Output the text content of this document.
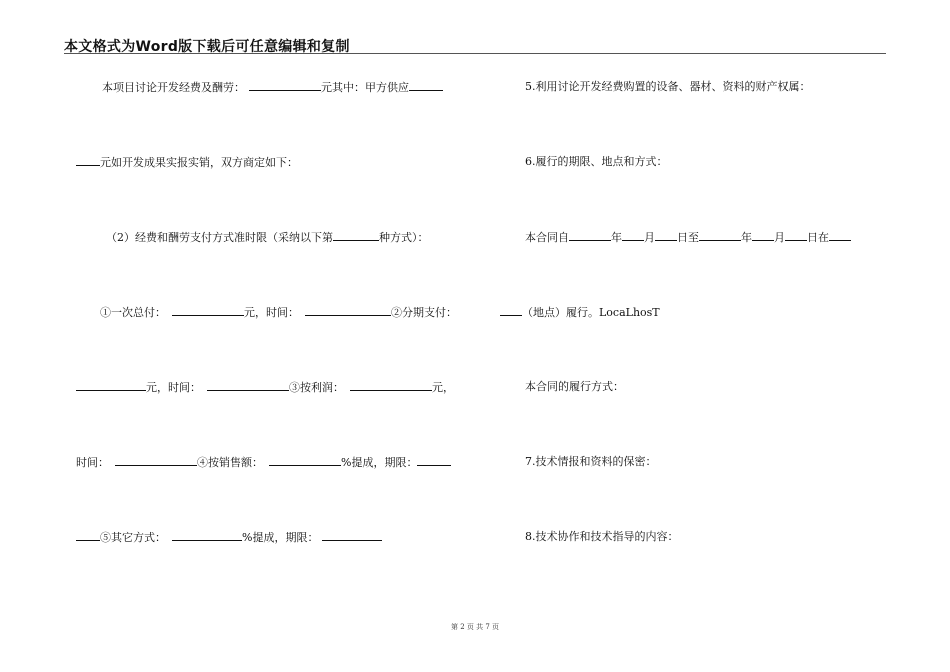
本文格式为Word版下载后可任意编辑和复制
本项目讨论开发经费及酬劳：	元其中：甲方供应
元如开发成果实报实销，双方商定如下：
（2）经费和酬劳支付方式准时限（采纳以下第	种方式）：
①一次总付：	元，时间：	②分期支付：
元，时间：	③按利润：	元，
时间：	④按销售额：	%提成，期限：
⑤其它方式：	%提成，期限：
5.利用讨论开发经费购置的设备、器材、资料的财产权属：
6.履行的期限、地点和方式：
本合同自	年 月 日至	年 月 日在
（地点）履行。LocaLhosT
本合同的履行方式：
7.技术情报和资料的保密：
8.技术协作和技术指导的内容：
第 2 页 共 7 页
